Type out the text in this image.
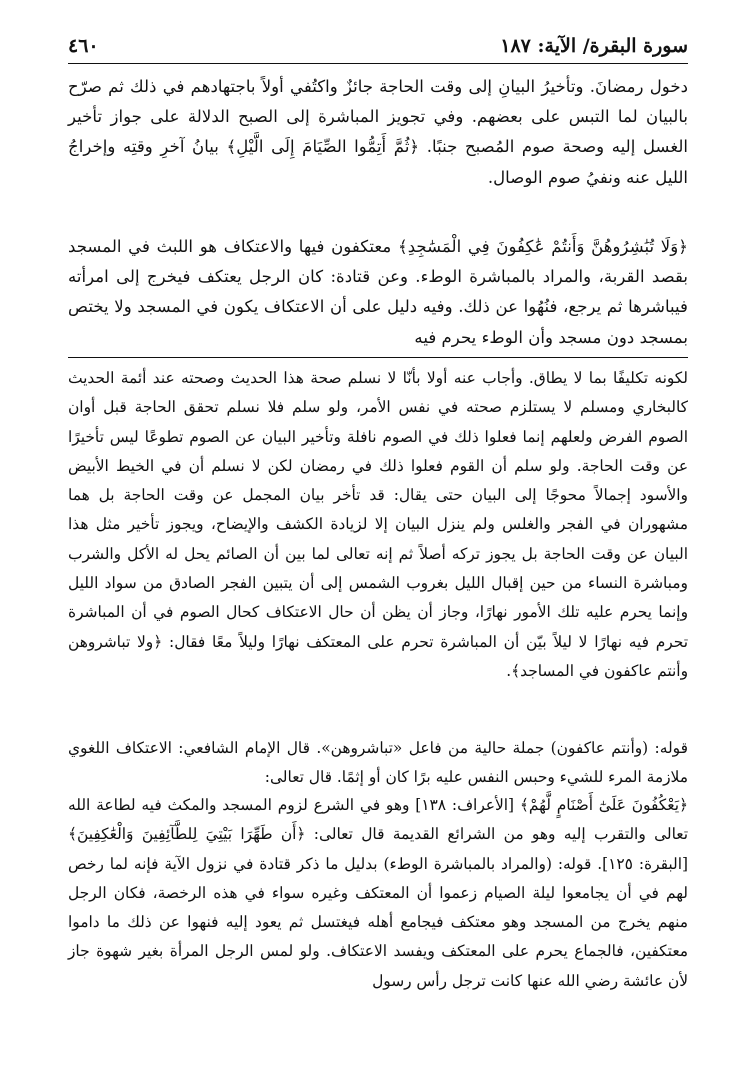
سورة البقرة/ الآية: ١٨٧
٤٦٠

دخول رمضانَ. وتأخيرُ البيانِ إلى وقت الحاجة جائزٌ واكتُفي أولاً باجتهادهم في ذلك ثم صرّح بالبيان لما التبس على بعضهم. وفي تجويز المباشرة إلى الصبح الدلالة على جواز تأخير الغسل إليه وصحة صوم المُصبح جنبًا. ﴿ثُمَّ أَتِمُّوا الصِّيَامَ إِلَى الَّيْلِ﴾ بيانُ آخرِ وقتِه وإخراجُ الليل عنه ونفيُ صوم الوصال.

﴿وَلَا تُبَٰشِرُوهُنَّ وَأَنتُمْ عَٰكِفُونَ فِي الْمَسَٰجِدِ﴾ معتكفون فيها والاعتكاف هو اللبث في المسجد بقصد القربة، والمراد بالمباشرة الوطء. وعن قتادة: كان الرجل يعتكف فيخرج إلى امرأته فيباشرها ثم يرجع، فنُهُوا عن ذلك. وفيه دليل على أن الاعتكاف يكون في المسجد ولا يختص بمسجد دون مسجد وأن الوطء يحرم فيه

لكونه تكليفًا بما لا يطاق. وأجاب عنه أولا بأنّا لا نسلم صحة هذا الحديث وصحته عند أئمة الحديث كالبخاري ومسلم لا يستلزم صحته في نفس الأمر، ولو سلم فلا نسلم تحقق الحاجة قبل أوان الصوم الفرض ولعلهم إنما فعلوا ذلك في الصوم نافلة وتأخير البيان عن الصوم تطوعًا ليس تأخيرًا عن وقت الحاجة. ولو سلم أن القوم فعلوا ذلك في رمضان لكن لا نسلم أن في الخيط الأبيض والأسود إجمالاً محوجًا إلى البيان حتى يقال: قد تأخر بيان المجمل عن وقت الحاجة بل هما مشهوران في الفجر والغلس ولم ينزل البيان إلا لزيادة الكشف والإيضاح، ويجوز تأخير مثل هذا البيان عن وقت الحاجة بل يجوز تركه أصلاً ثم إنه تعالى لما بين أن الصائم يحل له الأكل والشرب ومباشرة النساء من حين إقبال الليل بغروب الشمس إلى أن يتبين الفجر الصادق من سواد الليل وإنما يحرم عليه تلك الأمور نهارًا، وجاز أن يظن أن حال الاعتكاف كحال الصوم في أن المباشرة تحرم فيه نهارًا لا ليلاً بيّن أن المباشرة تحرم على المعتكف نهارًا وليلاً معًا فقال: ﴿ولا تباشروهن وأنتم عاكفون في المساجد﴾.

قوله: (وأنتم عاكفون) جملة حالية من فاعل «تباشروهن». قال الإمام الشافعي: الاعتكاف اللغوي ملازمة المرء للشيء وحبس النفس عليه برًا كان أو إثمًا. قال تعالى:

﴿يَعْكُفُونَ عَلَىٰٓ أَصْنَامٍ لَّهُمْ﴾ [الأعراف: ١٣٨] وهو في الشرع لزوم المسجد والمكث فيه لطاعة الله تعالى والتقرب إليه وهو من الشرائع القديمة قال تعالى: ﴿أَن طَهِّرَا بَيْتِيَ لِلطَّآئِفِينَ وَالْعَٰكِفِينَ﴾ [البقرة: ١٢٥]. قوله: (والمراد بالمباشرة الوطء) بدليل ما ذكر قتادة في نزول الآية فإنه لما رخص لهم في أن يجامعوا ليلة الصيام زعموا أن المعتكف وغيره سواء في هذه الرخصة، فكان الرجل منهم يخرج من المسجد وهو معتكف فيجامع أهله فيغتسل ثم يعود إليه فنهوا عن ذلك ما داموا معتكفين، فالجماع يحرم على المعتكف ويفسد الاعتكاف. ولو لمس الرجل المرأة بغير شهوة جاز لأن عائشة رضي الله عنها كانت ترجل رأس رسول
